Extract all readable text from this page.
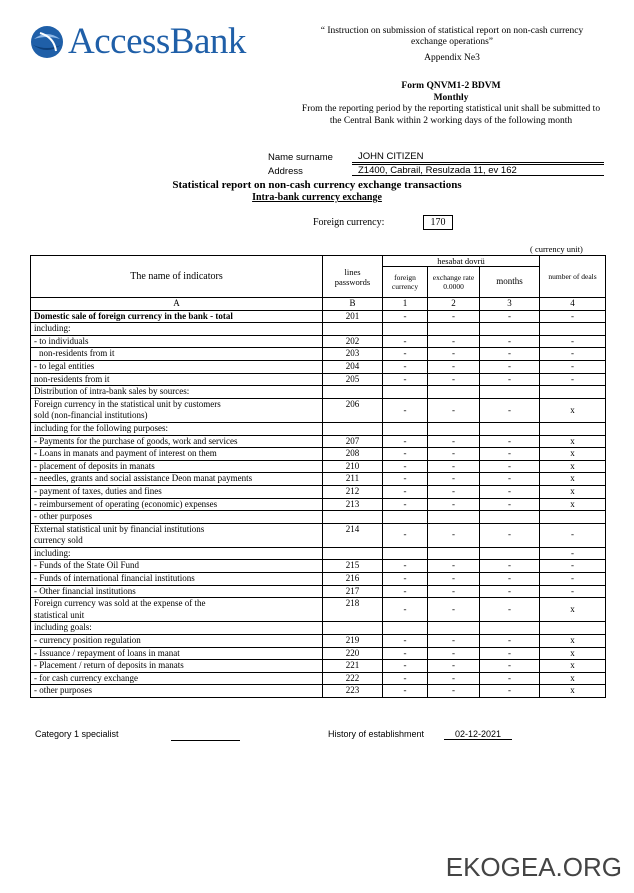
AccessBank	“ Instruction on submission of statistical report on non-cash currency exchange operations”
Appendix Ne3
Form QNVM1-2 BDVM
Monthly
From the reporting period by the reporting statistical unit shall be submitted to the Central Bank within 2 working days of the following month
Name surname	JOHN CITIZEN
Address	Z1400, Cabrail, Resulzada 11, ev 162
Statistical report on non-cash currency exchange transactions
Intra-bank currency exchange
Foreign currency:	170
( currency unit)
The name of indicators	lines passwords	hesabat dovrü			number of deals
		foreign currency	exchange rate 0.0000	months	
A	B	1	2	3	4

Domestic sale of foreign currency in the bank - total	201	-	-	-	-

including:					

- to individuals	202	-	-	-	-

non-residents from it	203	-	-	-	-

- to legal entities	204	-	-	-	-

non-residents from it	205	-	-	-	-

Distribution of intra-bank sales by sources:					

Foreign currency in the statistical unit by customers
sold (non-financial institutions)	206	-	-	-	x

including for the following purposes:					

- Payments for the purchase of goods, work and services	207	-	-	-	x

- Loans in manats and payment of interest on them	208	-	-	-	x

- placement of deposits in manats	210	-	-	-	x

- needles, grants and social assistance Deon manat payments	211	-	-	-	x

- payment of taxes, duties and fines	212	-	-	-	x

- reimbursement of operating (economic) expenses	213	-	-	-	x

- other purposes					

External statistical unit by financial institutions
currency sold	214	-	-	-	-

including:					-

- Funds of the State Oil Fund	215	-	-	-	-

- Funds of international financial institutions	216	-	-	-	-

- Other financial institutions	217	-	-	-	-

Foreign currency was sold at the expense of the
statistical unit	218	-	-	-	x

including goals:					

- currency position regulation	219	-	-	-	x

- Issuance / repayment of loans in manat	220	-	-	-	x

- Placement / return of deposits in manats	221	-	-	-	x

- for cash currency exchange	222	-	-	-	x

- other purposes	223	-	-	-	x
Category 1 specialist	History of establishment	02-12-2021
EKOGEA.ORG
